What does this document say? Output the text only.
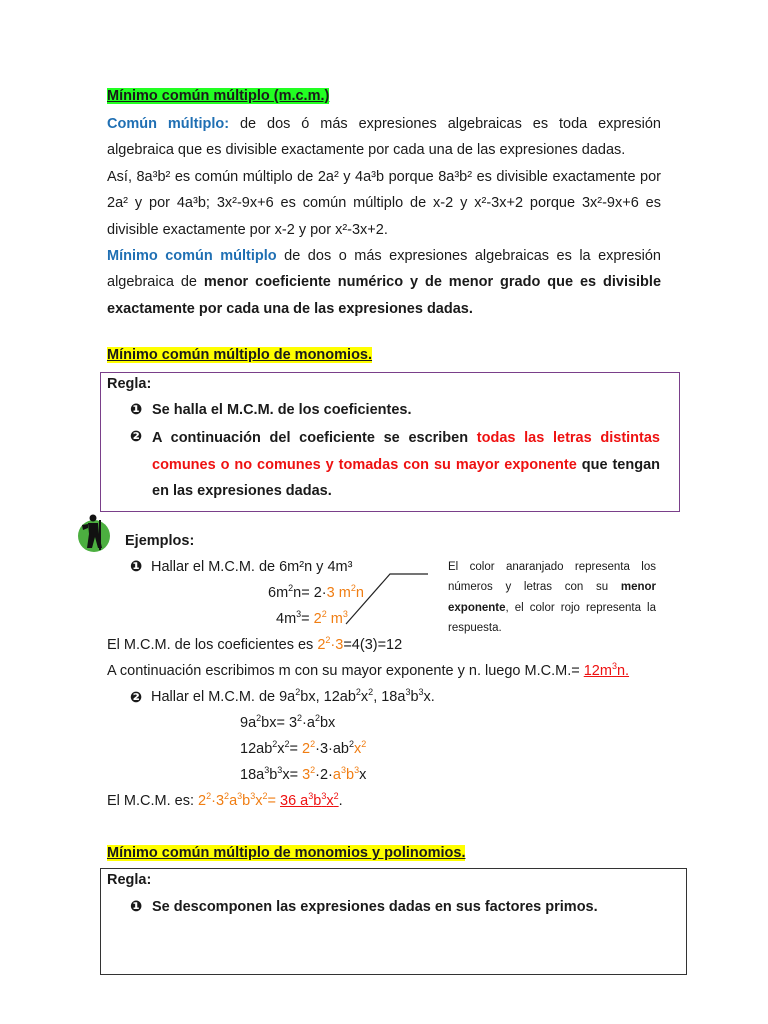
Mínimo común múltiplo (m.c.m.)
Común múltiplo: de dos ó más expresiones algebraicas es toda expresión algebraica que es divisible exactamente por cada una de las expresiones dadas.
Así, 8a³b² es común múltiplo de 2a² y 4a³b porque 8a³b² es divisible exactamente por 2a² y por 4a³b; 3x²-9x+6 es común múltiplo de x-2 y x²-3x+2 porque 3x²-9x+6 es divisible exactamente por x-2 y por x²-3x+2.
Mínimo común múltiplo de dos o más expresiones algebraicas es la expresión algebraica de menor coeficiente numérico y de menor grado que es divisible exactamente por cada una de las expresiones dadas.
Mínimo común múltiplo de monomios.
Regla:
❶ Se halla el M.C.M. de los coeficientes.
❷ A continuación del coeficiente se escriben todas las letras distintas comunes o no comunes y tomadas con su mayor exponente que tengan en las expresiones dadas.
Ejemplos:
❶ Hallar el M.C.M. de 6m²n y 4m³
$6m^2n= 2\cdot 3$ $m^2n$
$4m^3= 2^2$ $m^3$
El color anaranjado representa los números y letras con su menor exponente, el color rojo representa la respuesta.
El M.C.M. de los coeficientes es $2^2\cdot 3=4(3)=12$
A continuación escribimos m con su mayor exponente y n. luego $M.C.M.= 12m^3n$.
❷ Hallar el M.C.M. de $9a^2bx$, $12ab^2x^2$, $18a^3b^3x$.
$9a^2bx= 3^2\cdot a^2bx$
$12ab^2x^2= 2^2\cdot 3\cdot ab^2x^2$
$18a^3b^3x= 3^2\cdot 2\cdot a^3b^3x$
El M.C.M. es: $2^2\cdot 3^2a^3b^3x^2= 36$ $a^3b^3x^2$.
Mínimo común múltiplo de monomios y polinomios.
Regla:
❶ Se descomponen las expresiones dadas en sus factores primos.
